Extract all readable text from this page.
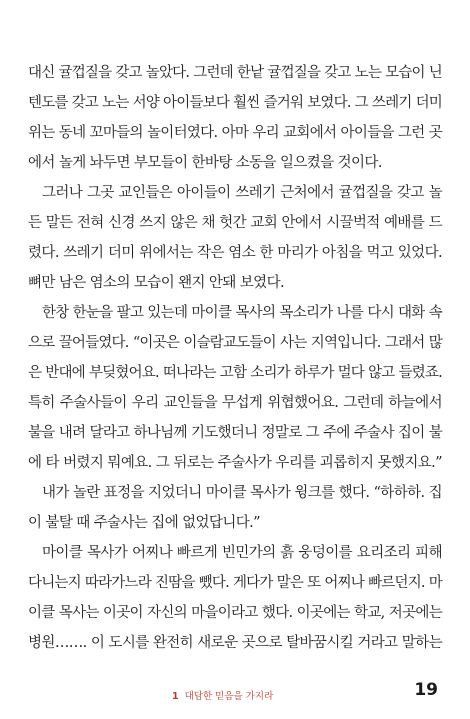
대신 귤껍질을 갖고 놀았다. 그런데 한낱 귤껍질을 갖고 노는 모습이 닌
텐도를 갖고 노는 서양 아이들보다 훨씬 즐거워 보였다. 그 쓰레기 더미
위는 동네 꼬마들의 놀이터였다. 아마 우리 교회에서 아이들을 그런 곳
에서 놀게 놔두면 부모들이 한바탕 소동을 일으켰을 것이다.

그러나 그곳 교인들은 아이들이 쓰레기 근처에서 귤껍질을 갖고 놀
든 말든 전혀 신경 쓰지 않은 채 헛간 교회 안에서 시끌벅적 예배를 드
렸다. 쓰레기 더미 위에서는 작은 염소 한 마리가 아침을 먹고 있었다.
뼈만 남은 염소의 모습이 왠지 안돼 보였다.

한창 한눈을 팔고 있는데 마이클 목사의 목소리가 나를 다시 대화 속
으로 끌어들였다. “이곳은 이슬람교도들이 사는 지역입니다. 그래서 많
은 반대에 부딪혔어요. 떠나라는 고함 소리가 하루가 멀다 않고 들렸죠.
특히 주술사들이 우리 교인들을 무섭게 위협했어요. 그런데 하늘에서
불을 내려 달라고 하나님께 기도했더니 정말로 그 주에 주술사 집이 불
에 타 버렸지 뭐예요. 그 뒤로는 주술사가 우리를 괴롭히지 못했지요.”

내가 놀란 표정을 지었더니 마이클 목사가 윙크를 했다. “하하하. 집
이 불탈 때 주술사는 집에 없었답니다.”

마이클 목사가 어찌나 빠르게 빈민가의 흙 웅덩이를 요리조리 피해
다니는지 따라가느라 진땀을 뺐다. 게다가 말은 또 어찌나 빠르던지. 마
이클 목사는 이곳이 자신의 마을이라고 했다. 이곳에는 학교, 저곳에는
병원……. 이 도시를 완전히 새로운 곳으로 탈바꿈시킬 거라고 말하는

1 대담한 믿음을 가지라	19
